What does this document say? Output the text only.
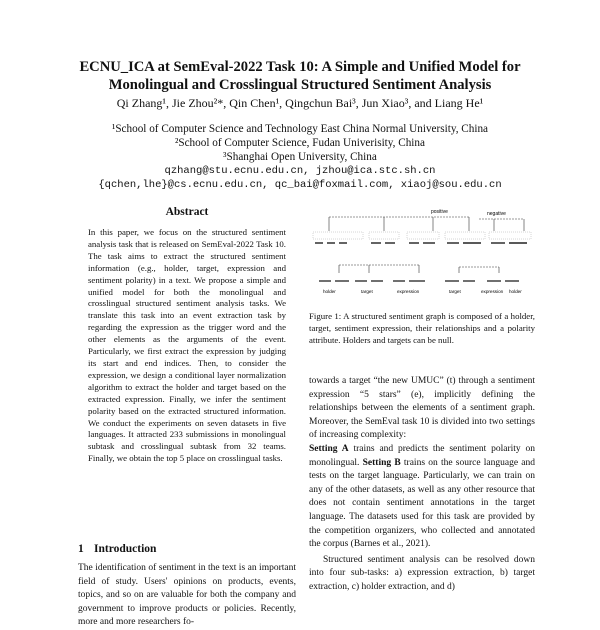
ECNU_ICA at SemEval-2022 Task 10: A Simple and Unified Model for
Monolingual and Crosslingual Structured Sentiment Analysis
Qi Zhang¹, Jie Zhou²*, Qin Chen¹, Qingchun Bai³, Jun Xiao³, and Liang He¹
¹School of Computer Science and Technology East China Normal University, China
²School of Computer Science, Fudan Univerisity, China
³Shanghai Open University, China
qzhang@stu.ecnu.edu.cn, jzhou@ica.stc.sh.cn
{qchen,lhe}@cs.ecnu.edu.cn, qc_bai@foxmail.com, xiaoj@sou.edu.cn
Abstract
In this paper, we focus on the structured sentiment analysis task that is released on SemEval-2022 Task 10. The task aims to extract the structured sentiment information (e.g., holder, target, expression and sentiment polarity) in a text. We propose a simple and unified model for both the monolingual and crosslingual structured sentiment analysis tasks. We translate this task into an event extraction task by regarding the expression as the trigger word and the other elements as the arguments of the event. Particularly, we first extract the expression by judging its start and end indices. Then, to consider the expression, we design a conditional layer normalization algorithm to extract the holder and target based on the extracted expression. Finally, we infer the sentiment polarity based on the extracted structured information. We conduct the experiments on seven datasets in five languages. It attracted 233 submissions in monolingual subtask and crosslingual subtask from 32 teams. Finally, we obtain the top 5 place on crosslingual tasks.
1 Introduction
The identification of sentiment in the text is an important field of study. Users' opinions on products, events, topics, and so on are valuable for both the company and government to improve products or policies. Recently, more and more researchers fo-
positive	negative
holder	target	expression	target	expression holder
Figure 1: A structured sentiment graph is composed of a holder, target, sentiment expression, their relationships and a polarity attribute. Holders and targets can be null.

towards a target “the new UMUC” (t) through a sentiment expression “5 stars” (e), implicitly defining the relationships between the elements of a sentiment graph. Moreover, the SemEval task 10 is divided into two settings of increasing complexity:
Setting A trains and predicts the sentiment polarity on monolingual. Setting B trains on the source language and tests on the target language. Particularly, we can train on any of the other datasets, as well as any other resource that does not contain sentiment annotations in the target language. The datasets used for this task are provided by the competition organizers, who collected and annotated the corpus (Barnes et al., 2021).

Structured sentiment analysis can be resolved down into four sub-tasks: a) expression extraction, b) target extraction, c) holder extraction, and d)
